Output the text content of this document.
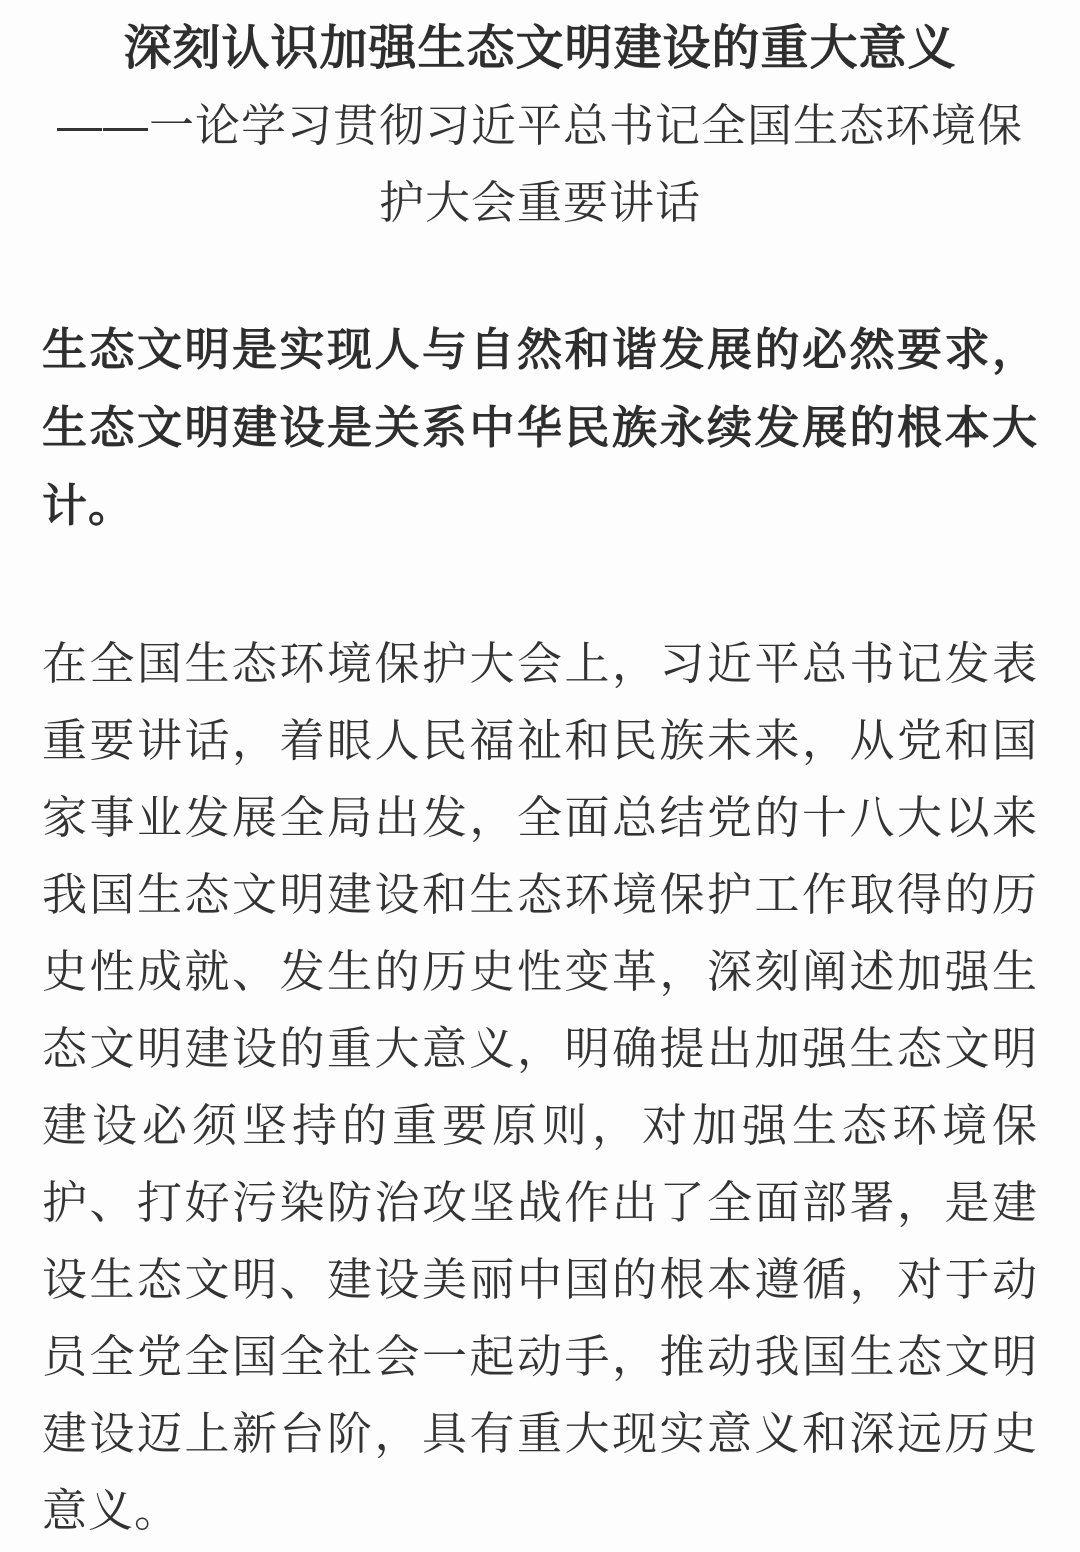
深刻认识加强生态文明建设的重大意义

——一论学习贯彻习近平总书记全国生态环境保护大会重要讲话

生态文明是实现人与自然和谐发展的必然要求，生态文明建设是关系中华民族永续发展的根本大计。

在全国生态环境保护大会上，习近平总书记发表重要讲话，着眼人民福祉和民族未来，从党和国家事业发展全局出发，全面总结党的十八大以来我国生态文明建设和生态环境保护工作取得的历史性成就、发生的历史性变革，深刻阐述加强生态文明建设的重大意义，明确提出加强生态文明建设必须坚持的重要原则，对加强生态环境保护、打好污染防治攻坚战作出了全面部署，是建设生态文明、建设美丽中国的根本遵循，对于动员全党全国全社会一起动手，推动我国生态文明建设迈上新台阶，具有重大现实意义和深远历史意义。
